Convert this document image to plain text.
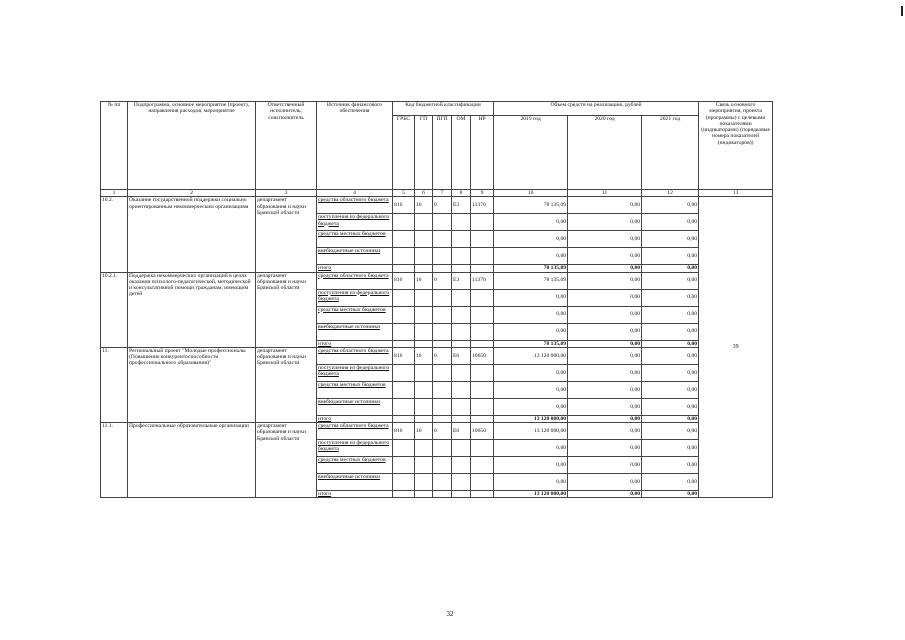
№ пп	Подпрограмма, основное мероприятие (проект), направления расходов, мероприятие	Ответственный исполнитель, соисполнитель	Источник финансового обеспечения	Код бюджетной классификации					Объем средств на реализацию, рублей			Связь основного мероприятия, проекта (программы) с целевыми показателями (индикаторами) (порядковые номера показателей (индикаторов))
				ГРБС	ГП	ПГП	ОМ	НР	2019 год	2020 год	2021 год	
1	2	3	4	5	6	7	8	9	10	11	12	13
10.2.	Оказание государственной поддержки социально ориентированным некоммерческим организациям	департамент образования и науки Брянской области	средства областного бюджета	816	16	0	Е3	11370	78 135,09	0,00	0,00	39
			поступления из федерального бюджета						0,00	0,00	0,00	
			средства местных бюджетов						0,00	0,00	0,00	
			внебюджетные источники						0,00	0,00	0,00	
			итого						78 135,09	0,00	0,00	
10.2.1.	Поддержка некоммерческих организаций в целях оказания психолого-педагогической, методической и консультативной помощи гражданам, имеющим детей	департамент образования и науки Брянской области	средства областного бюджета	816	16	0	Е3	11370	78 135,09	0,00	0,00	
			поступления из федерального бюджета						0,00	0,00	0,00	
			средства местных бюджетов						0,00	0,00	0,00	
			внебюджетные источники						0,00	0,00	0,00	
			итого						78 135,09	0,00	0,00	
11.	Региональный проект "Молодые профессионалы (Повышение конкурентоспособности профессионального образования)"	департамент образования и науки Брянской области	средства областного бюджета	816	16	0	Е6	10650	13 120 000,00	0,00	0,00	
			поступления из федерального бюджета						0,00	0,00	0,00	
			средства местных бюджетов						0,00	0,00	0,00	
			внебюджетные источники						0,00	0,00	0,00	
			итого						13 120 000,00	0,00	0,00	
11.1.	Профессиональные образовательные организации	департамент образования и науки Брянской области	средства областного бюджета	816	16	0	Е6	10650	13 120 000,00	0,00	0,00	
			поступления из федерального бюджета						0,00	0,00	0,00	
			средства местных бюджетов						0,00	0,00	0,00	
			внебюджетные источники						0,00	0,00	0,00	
			итого						13 120 000,00	0,00	0,00	
32
